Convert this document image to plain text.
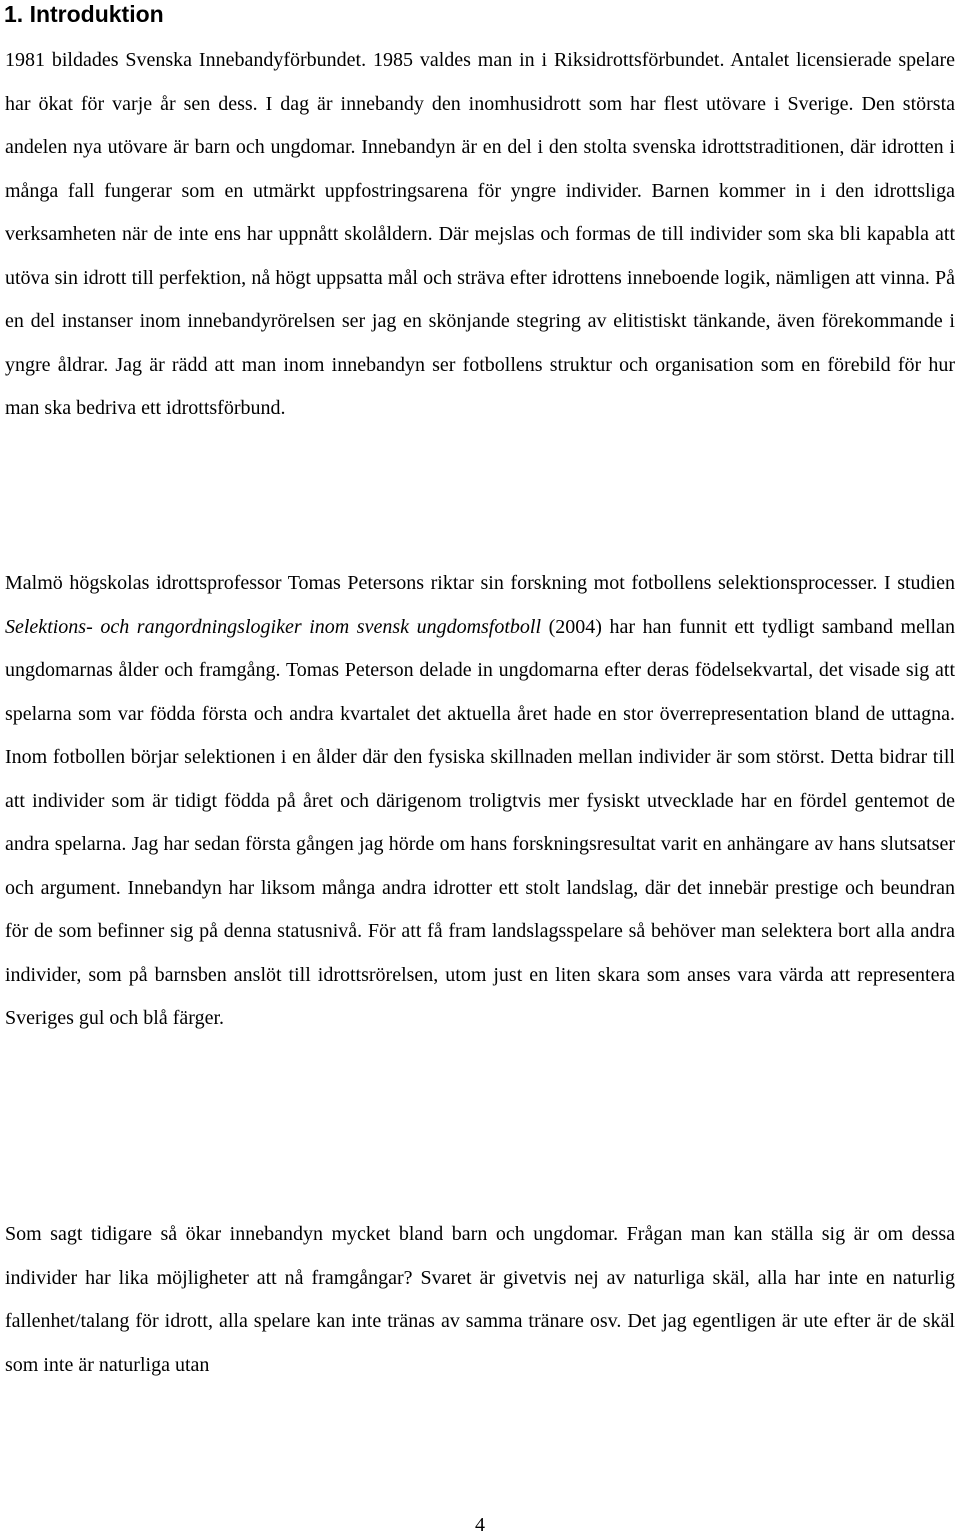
1. Introduktion

1981 bildades Svenska Innebandyförbundet. 1985 valdes man in i Riksidrottsförbundet. Antalet licensierade spelare har ökat för varje år sen dess. I dag är innebandy den inomhusidrott som har flest utövare i Sverige. Den största andelen nya utövare är barn och ungdomar. Innebandyn är en del i den stolta svenska idrottstraditionen, där idrotten i många fall fungerar som en utmärkt uppfostringsarena för yngre individer. Barnen kommer in i den idrottsliga verksamheten när de inte ens har uppnått skolåldern. Där mejslas och formas de till individer som ska bli kapabla att utöva sin idrott till perfektion, nå högt uppsatta mål och sträva efter idrottens inneboende logik, nämligen att vinna. På en del instanser inom innebandyrörelsen ser jag en skönjande stegring av elitistiskt tänkande, även förekommande i yngre åldrar. Jag är rädd att man inom innebandyn ser fotbollens struktur och organisation som en förebild för hur man ska bedriva ett idrottsförbund.

Malmö högskolas idrottsprofessor Tomas Petersons riktar sin forskning mot fotbollens selektionsprocesser. I studien Selektions- och rangordningslogiker inom svensk ungdomsfotboll (2004) har han funnit ett tydligt samband mellan ungdomarnas ålder och framgång. Tomas Peterson delade in ungdomarna efter deras födelsekvartal, det visade sig att spelarna som var födda första och andra kvartalet det aktuella året hade en stor överrepresentation bland de uttagna. Inom fotbollen börjar selektionen i en ålder där den fysiska skillnaden mellan individer är som störst. Detta bidrar till att individer som är tidigt födda på året och därigenom troligtvis mer fysiskt utvecklade har en fördel gentemot de andra spelarna. Jag har sedan första gången jag hörde om hans forskningsresultat varit en anhängare av hans slutsatser och argument. Innebandyn har liksom många andra idrotter ett stolt landslag, där det innebär prestige och beundran för de som befinner sig på denna statusnivå. För att få fram landslagsspelare så behöver man selektera bort alla andra individer, som på barnsben anslöt till idrottsrörelsen, utom just en liten skara som anses vara värda att representera Sveriges gul och blå färger.

Som sagt tidigare så ökar innebandyn mycket bland barn och ungdomar. Frågan man kan ställa sig är om dessa individer har lika möjligheter att nå framgångar? Svaret är givetvis nej av naturliga skäl, alla har inte en naturlig fallenhet/talang för idrott, alla spelare kan inte tränas av samma tränare osv. Det jag egentligen är ute efter är de skäl som inte är naturliga utan

4
